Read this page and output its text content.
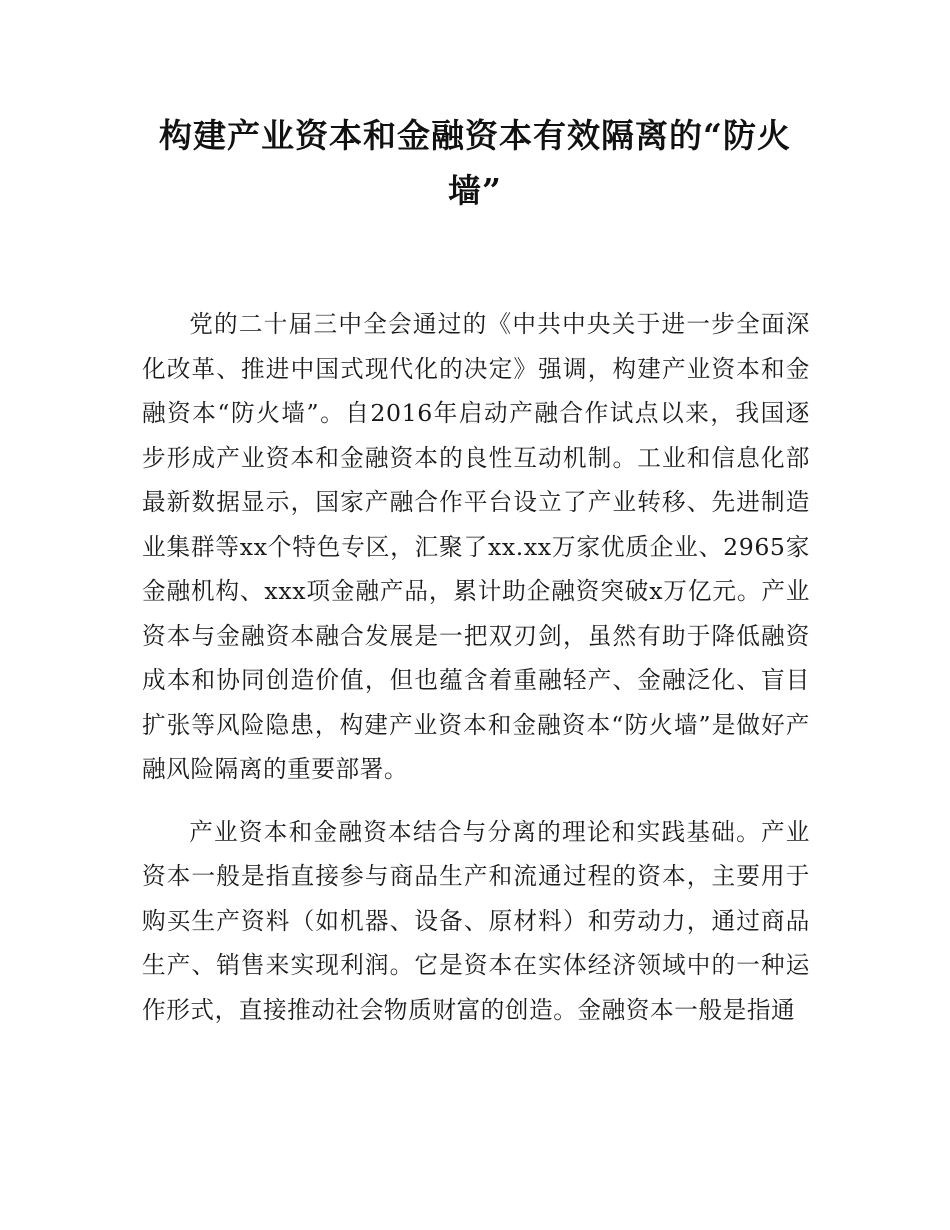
构建产业资本和金融资本有效隔离的“防火墙”

党的二十届三中全会通过的《中共中央关于进一步全面深化改革、推进中国式现代化的决定》强调，构建产业资本和金融资本“防火墙”。自2016年启动产融合作试点以来，我国逐步形成产业资本和金融资本的良性互动机制。工业和信息化部最新数据显示，国家产融合作平台设立了产业转移、先进制造业集群等xx个特色专区，汇聚了xx.xx万家优质企业、2965家金融机构、xxx项金融产品，累计助企融资突破x万亿元。产业资本与金融资本融合发展是一把双刃剑，虽然有助于降低融资成本和协同创造价值，但也蕴含着重融轻产、金融泛化、盲目扩张等风险隐患，构建产业资本和金融资本“防火墙”是做好产融风险隔离的重要部署。

产业资本和金融资本结合与分离的理论和实践基础。产业资本一般是指直接参与商品生产和流通过程的资本，主要用于购买生产资料（如机器、设备、原材料）和劳动力，通过商品生产、销售来实现利润。它是资本在实体经济领域中的一种运作形式，直接推动社会物质财富的创造。金融资本一般是指通
